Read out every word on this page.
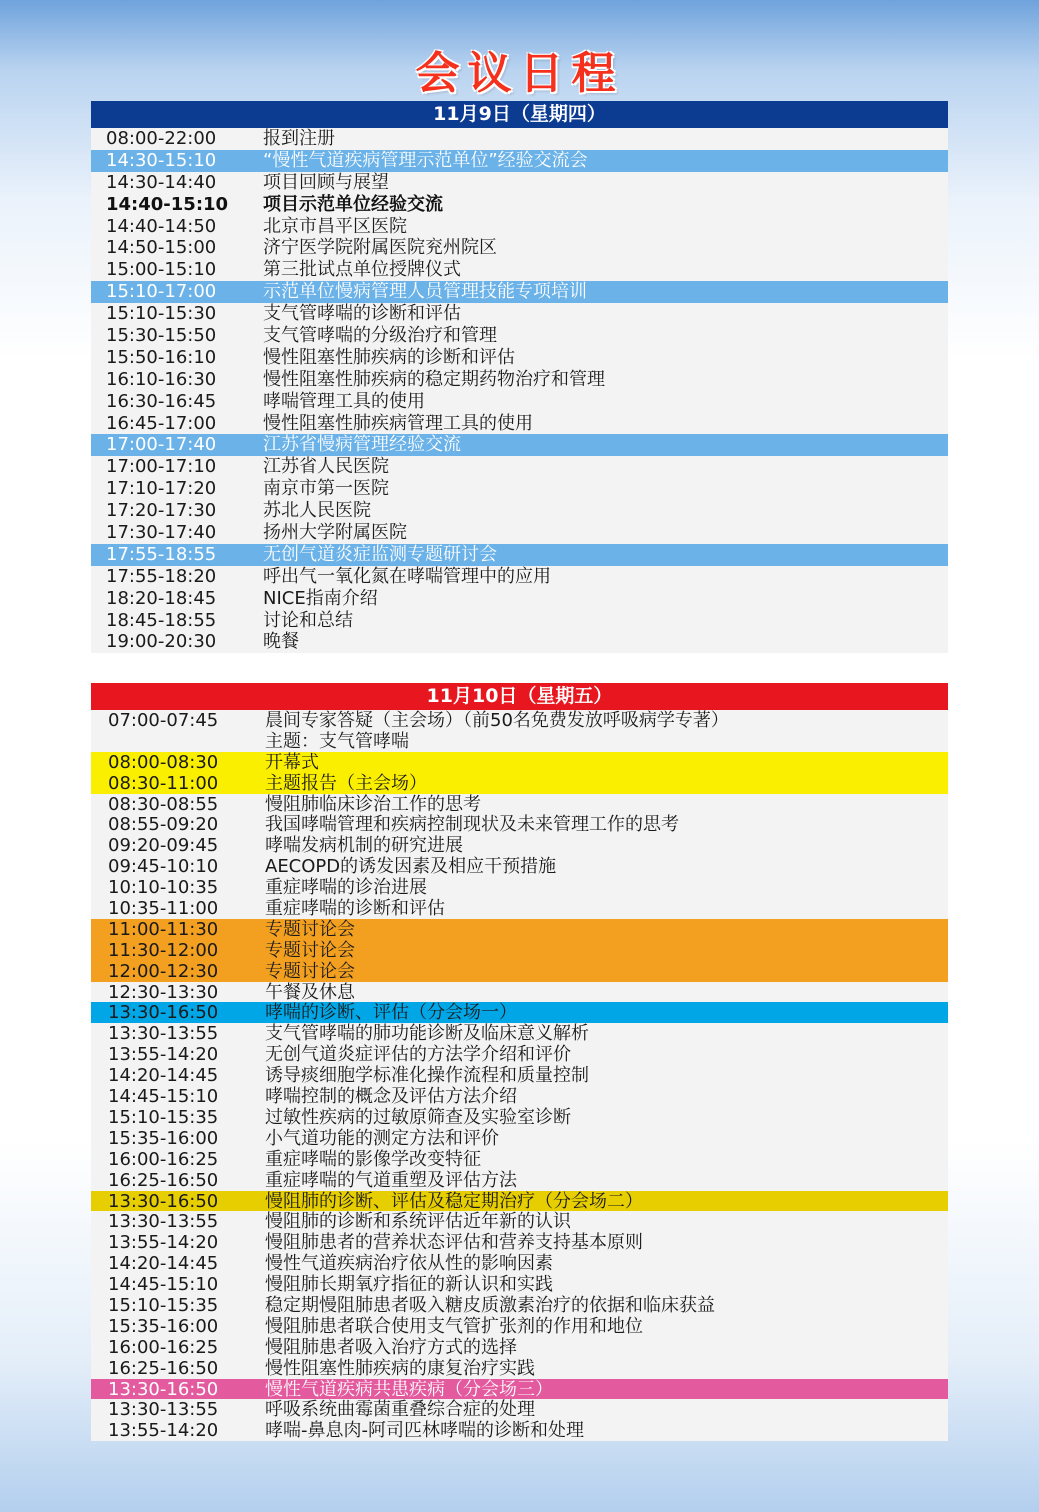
会议日程
11月9日（星期四）
08:00-22:00	报到注册
14:30-15:10	“慢性气道疾病管理示范单位”经验交流会
14:30-14:40	项目回顾与展望
14:40-15:10	项目示范单位经验交流
14:40-14:50	北京市昌平区医院
14:50-15:00	济宁医学院附属医院兖州院区
15:00-15:10	第三批试点单位授牌仪式
15:10-17:00	示范单位慢病管理人员管理技能专项培训
15:10-15:30	支气管哮喘的诊断和评估
15:30-15:50	支气管哮喘的分级治疗和管理
15:50-16:10	慢性阻塞性肺疾病的诊断和评估
16:10-16:30	慢性阻塞性肺疾病的稳定期药物治疗和管理
16:30-16:45	哮喘管理工具的使用
16:45-17:00	慢性阻塞性肺疾病管理工具的使用
17:00-17:40	江苏省慢病管理经验交流
17:00-17:10	江苏省人民医院
17:10-17:20	南京市第一医院
17:20-17:30	苏北人民医院
17:30-17:40	扬州大学附属医院
17:55-18:55	无创气道炎症监测专题研讨会
17:55-18:20	呼出气一氧化氮在哮喘管理中的应用
18:20-18:45	NICE指南介绍
18:45-18:55	讨论和总结
19:00-20:30	晚餐
11月10日（星期五）
07:00-07:45	晨间专家答疑（主会场）（前50名免费发放呼吸病学专著）
主题：支气管哮喘
08:00-08:30	开幕式
08:30-11:00	主题报告（主会场）
08:30-08:55	慢阻肺临床诊治工作的思考
08:55-09:20	我国哮喘管理和疾病控制现状及未来管理工作的思考
09:20-09:45	哮喘发病机制的研究进展
09:45-10:10	AECOPD的诱发因素及相应干预措施
10:10-10:35	重症哮喘的诊治进展
10:35-11:00	重症哮喘的诊断和评估
11:00-11:30	专题讨论会
11:30-12:00	专题讨论会
12:00-12:30	专题讨论会
12:30-13:30	午餐及休息
13:30-16:50	哮喘的诊断、评估（分会场一）
13:30-13:55	支气管哮喘的肺功能诊断及临床意义解析
13:55-14:20	无创气道炎症评估的方法学介绍和评价
14:20-14:45	诱导痰细胞学标准化操作流程和质量控制
14:45-15:10	哮喘控制的概念及评估方法介绍
15:10-15:35	过敏性疾病的过敏原筛查及实验室诊断
15:35-16:00	小气道功能的测定方法和评价
16:00-16:25	重症哮喘的影像学改变特征
16:25-16:50	重症哮喘的气道重塑及评估方法
13:30-16:50	慢阻肺的诊断、评估及稳定期治疗（分会场二）
13:30-13:55	慢阻肺的诊断和系统评估近年新的认识
13:55-14:20	慢阻肺患者的营养状态评估和营养支持基本原则
14:20-14:45	慢性气道疾病治疗依从性的影响因素
14:45-15:10	慢阻肺长期氧疗指征的新认识和实践
15:10-15:35	稳定期慢阻肺患者吸入糖皮质激素治疗的依据和临床获益
15:35-16:00	慢阻肺患者联合使用支气管扩张剂的作用和地位
16:00-16:25	慢阻肺患者吸入治疗方式的选择
16:25-16:50	慢性阻塞性肺疾病的康复治疗实践
13:30-16:50	慢性气道疾病共患疾病（分会场三）
13:30-13:55	呼吸系统曲霉菌重叠综合症的处理
13:55-14:20	哮喘-鼻息肉-阿司匹林哮喘的诊断和处理
